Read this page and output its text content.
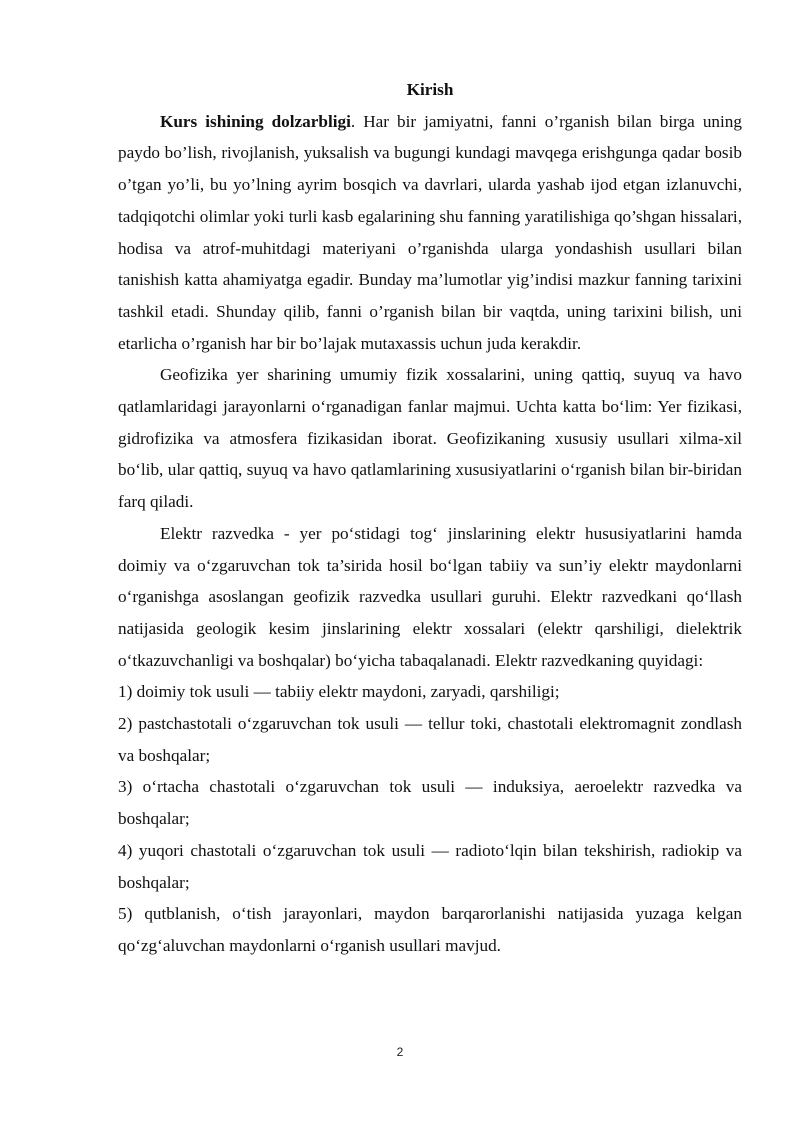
Kirish

Kurs ishining dolzarbligi. Har bir jamiyatni, fanni o’rganish bilan birga uning paydo bo’lish, rivojlanish, yuksalish va bugungi kundagi mavqega erishgunga qadar bosib o’tgan yo’li, bu yo’lning ayrim bosqich va davrlari, ularda yashab ijod etgan izlanuvchi, tadqiqotchi olimlar yoki turli kasb egalarining shu fanning yaratilishiga qo’shgan hissalari, hodisa va atrof-muhitdagi materiyani o’rganishda ularga yondashish usullari bilan tanishish katta ahamiyatga egadir. Bunday ma’lumotlar yig’indisi mazkur fanning tarixini tashkil etadi. Shunday qilib, fanni o’rganish bilan bir vaqtda, uning tarixini bilish, uni etarlicha o’rganish har bir bo’lajak mutaxassis uchun juda kerakdir.

Geofizika yer sharining umumiy fizik xossalarini, uning qattiq, suyuq va havo qatlamlaridagi jarayonlarni o‘rganadigan fanlar majmui. Uchta katta bo‘lim: Yer fizikasi, gidrofizika va atmosfera fizikasidan iborat. Geofizikaning xususiy usullari xilma-xil bo‘lib, ular qattiq, suyuq va havo qatlamlarining xususiyatlarini o‘rganish bilan bir-biridan farq qiladi.

Elektr razvedka - yer po‘stidagi tog‘ jinslarining elektr hususiyatlarini hamda doimiy va o‘zgaruvchan tok ta’sirida hosil bo‘lgan tabiiy va sun’iy elektr maydonlarni o‘rganishga asoslangan geofizik razvedka usullari guruhi. Elektr razvedkani qo‘llash natijasida geologik kesim jinslarining elektr xossalari (elektr qarshiligi, dielektrik o‘tkazuvchanligi va boshqalar) bo‘yicha tabaqalanadi. Elektr razvedkaning quyidagi:

1) doimiy tok usuli — tabiiy elektr maydoni, zaryadi, qarshiligi;

2) pastchastotali o‘zgaruvchan tok usuli — tellur toki, chastotali elektromagnit zondlash va boshqalar;

3) o‘rtacha chastotali o‘zgaruvchan tok usuli — induksiya, aeroelektr razvedka va boshqalar;

4) yuqori chastotali o‘zgaruvchan tok usuli — radioto‘lqin bilan tekshirish, radiokip va boshqalar;

5) qutblanish, o‘tish jarayonlari, maydon barqarorlanishi natijasida yuzaga kelgan qo‘zg‘aluvchan maydonlarni o‘rganish usullari mavjud.

2
